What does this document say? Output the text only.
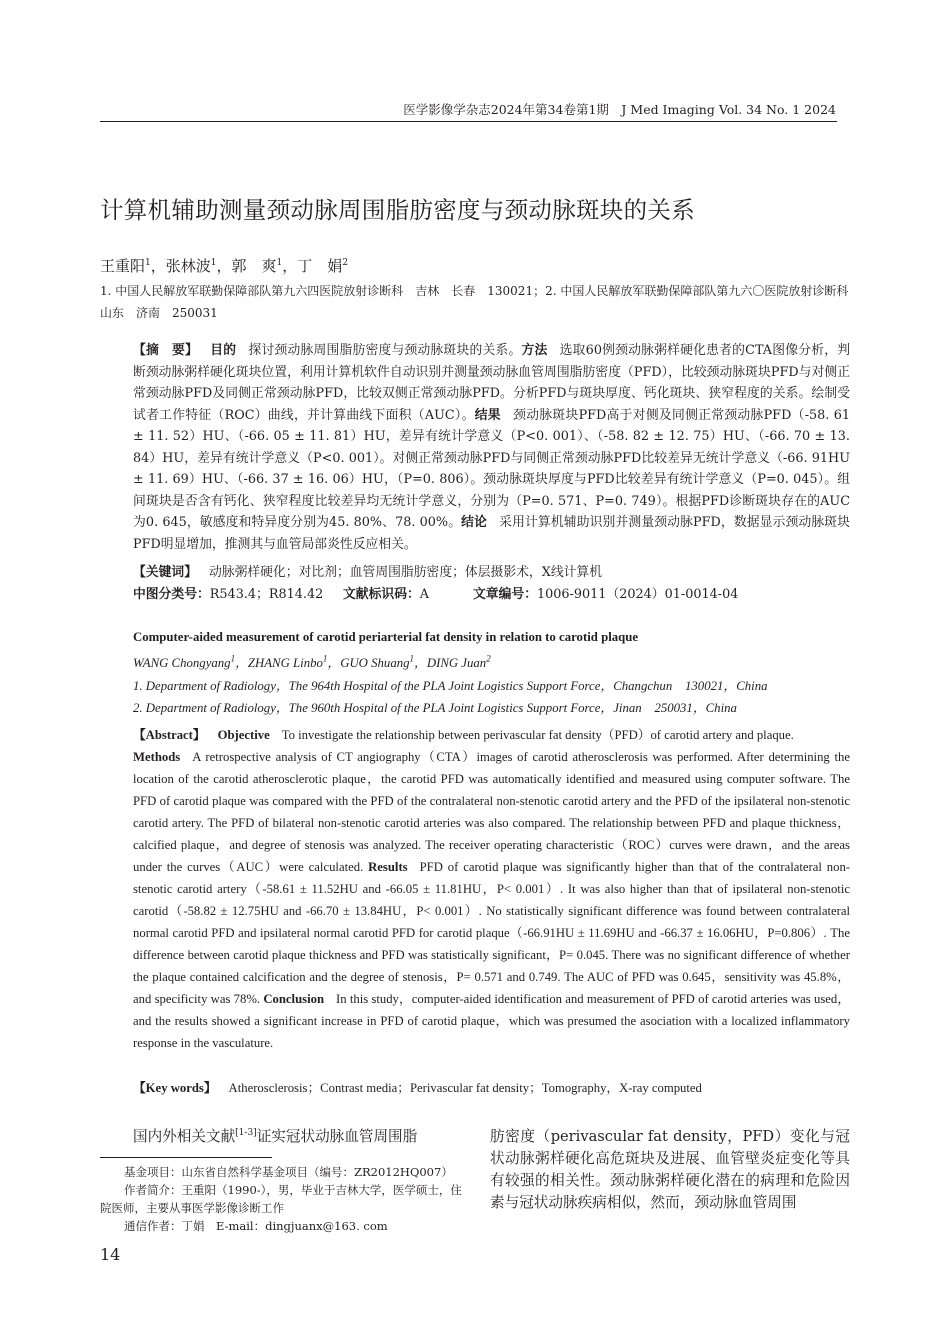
医学影像学杂志2024年第34卷第1期　J Med Imaging Vol. 34 No. 1 2024
计算机辅助测量颈动脉周围脂肪密度与颈动脉斑块的关系
王重阳$^1$，张林波$^1$，郭　爽$^1$，丁　娟$^2$
1. 中国人民解放军联勤保障部队第九六四医院放射诊断科　吉林　长春　130021；2. 中国人民解放军联勤保障部队第九六〇医院放射诊断科　山东　济南　250031
【摘　要】 目的 探讨颈动脉周围脂肪密度与颈动脉斑块的关系。方法 选取60例颈动脉粥样硬化患者的CTA图像分析，判断颈动脉粥样硬化斑块位置，利用计算机软件自动识别并测量颈动脉血管周围脂肪密度（PFD），比较颈动脉斑块PFD与对侧正常颈动脉PFD及同侧正常颈动脉PFD，比较双侧正常颈动脉PFD。分析PFD与斑块厚度、钙化斑块、狭窄程度的关系。绘制受试者工作特征（ROC）曲线，并计算曲线下面积（AUC）。结果 颈动脉斑块PFD高于对侧及同侧正常颈动脉PFD（-58. 61 ± 11. 52）HU、（-66. 05 ± 11. 81）HU，差异有统计学意义（P<0. 001）、（-58. 82 ± 12. 75）HU、（-66. 70 ± 13. 84）HU，差异有统计学意义（P<0. 001）。对侧正常颈动脉PFD与同侧正常颈动脉PFD比较差异无统计学意义（-66. 91HU ± 11. 69）HU、（-66. 37 ± 16. 06）HU，（P=0. 806）。颈动脉斑块厚度与PFD比较差异有统计学意义（P=0. 045）。组间斑块是否含有钙化、狭窄程度比较差异均无统计学意义，分别为（P=0. 571、P=0. 749）。根据PFD诊断斑块存在的AUC为0. 645，敏感度和特异度分别为45. 80%、78. 00%。结论 采用计算机辅助识别并测量颈动脉PFD，数据显示颈动脉斑块PFD明显增加，推测其与血管局部炎性反应相关。
【关键词】 动脉粥样硬化；对比剂；血管周围脂肪密度；体层摄影术，X线计算机
中图分类号：R543.4；R814.42 文献标识码：A	文章编号：1006-9011（2024）01-0014-04
Computer-aided measurement of carotid periarterial fat density in relation to carotid plaque
WANG Chongyang$^1$，ZHANG Linbo$^1$，GUO Shuang$^1$，DING Juan$^2$
1. Department of Radiology，The 964th Hospital of the PLA Joint Logistics Support Force，Changchun　130021，China
2. Department of Radiology，The 960th Hospital of the PLA Joint Logistics Support Force，Jinan　250031，China
【Abstract】 Objective To investigate the relationship between perivascular fat density（PFD）of carotid artery and plaque.
Methods A retrospective analysis of CT angiography（CTA）images of carotid atherosclerosis was performed. After determining the location of the carotid atherosclerotic plaque，the carotid PFD was automatically identified and measured using computer software. The PFD of carotid plaque was compared with the PFD of the contralateral non-stenotic carotid artery and the PFD of the ipsilateral non-stenotic carotid artery. The PFD of bilateral non-stenotic carotid arteries was also compared. The relationship between PFD and plaque thickness，calcified plaque，and degree of stenosis was analyzed. The receiver operating characteristic（ROC）curves were drawn，and the areas under the curves（AUC）were calculated. Results PFD of carotid plaque was significantly higher than that of the contralateral non-stenotic carotid artery（-58.61 ± 11.52HU and -66.05 ± 11.81HU，P< 0.001）. It was also higher than that of ipsilateral non-stenotic carotid（-58.82 ± 12.75HU and -66.70 ± 13.84HU，P< 0.001）. No statistically significant difference was found between contralateral normal carotid PFD and ipsilateral normal carotid PFD for carotid plaque（-66.91HU ± 11.69HU and -66.37 ± 16.06HU，P=0.806）. The difference between carotid plaque thickness and PFD was statistically significant，P= 0.045. There was no significant difference of whether the plaque contained calcification and the degree of stenosis，P= 0.571 and 0.749. The AUC of PFD was 0.645，sensitivity was 45.8%，and specificity was 78%. Conclusion In this study，computer-aided identification and measurement of PFD of carotid arteries was used，and the results showed a significant increase in PFD of carotid plaque，which was presumed the asociation with a localized inflammatory response in the vasculature.
【Key words】 Atherosclerosis；Contrast media；Perivascular fat density；Tomography，X-ray computed
国内外相关文献[1-3]证实冠状动脉血管周围脂	肪密度（perivascular fat density，PFD）变化与冠状动脉粥样硬化高危斑块及进展、血管壁炎症变化等具有较强的相关性。颈动脉粥样硬化潜在的病理和危险因素与冠状动脉疾病相似，然而，颈动脉血管周围
基金项目：山东省自然科学基金项目（编号：ZR2012HQ007）
作者简介：王重阳（1990-），男，毕业于吉林大学，医学硕士，住院医师，主要从事医学影像诊断工作
通信作者：丁娟　E-mail：dingjuanx@163. com
14
